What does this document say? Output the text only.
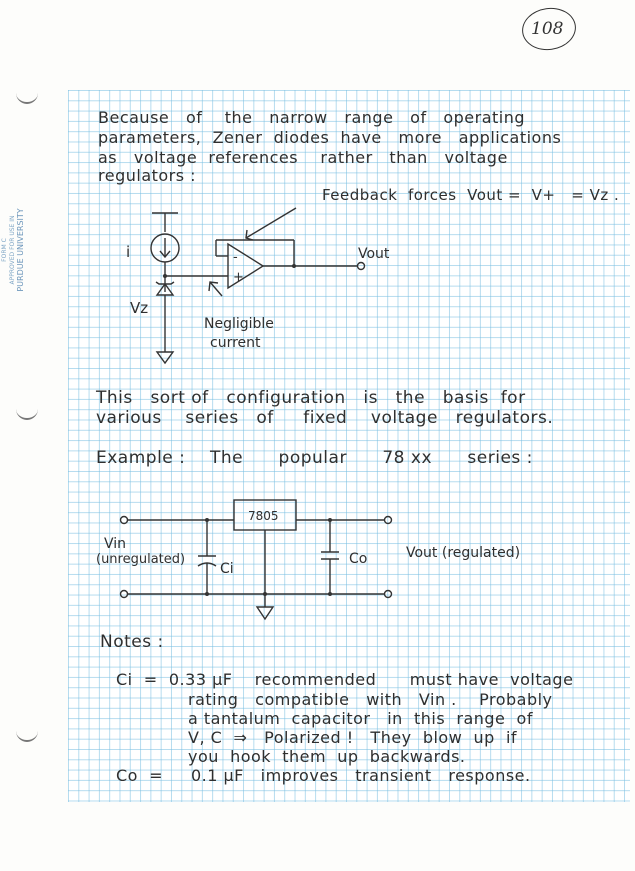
FORM C APPROVED FOR USE IN PURDUE UNIVERSITY
108
Because   of    the   narrow   range   of   operating
parameters,  Zener  diodes  have   more   applications
as   voltage  references    rather   than   voltage
regulators :
Feedback  forces  Vout =  V+   = Vz .
i	-
+
Vout
Vz
Negligible
current
This   sort of   configuration   is   the   basis  for
various    series   of     fixed    voltage   regulators.
Example : The      popular      78 xx      series :
7805
Vin
(unregulated)
Ci
Co	Vout (regulated)
Notes :
Ci  =  0.33 μF    recommended      must have  voltage
rating   compatible   with   Vin .    Probably
a tantalum  capacitor   in  this  range  of
V, C  ⇒   Polarized !   They  blow  up  if
you  hook  them  up  backwards.
Co  =     0.1 μF   improves   transient   response.
